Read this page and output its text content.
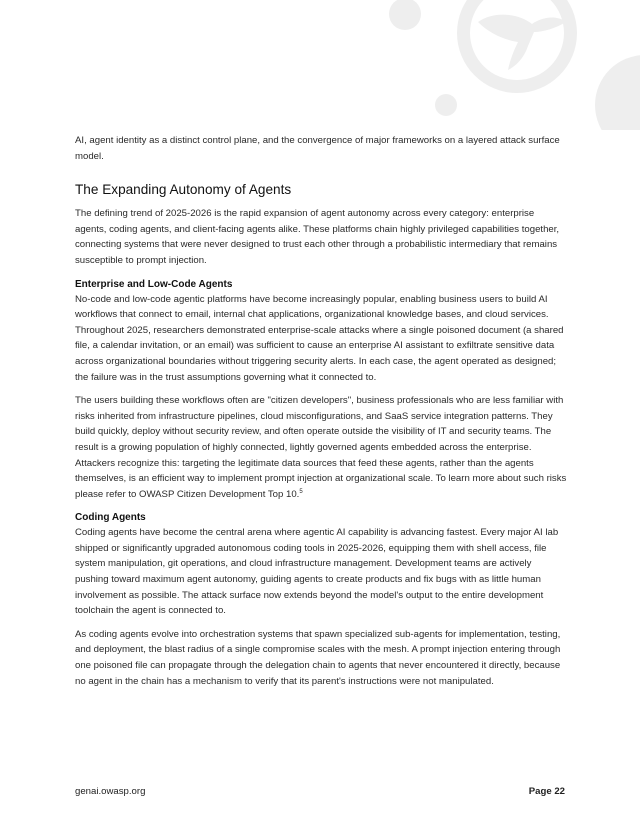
AI, agent identity as a distinct control plane, and the convergence of major frameworks on a layered attack surface model.

The Expanding Autonomy of Agents

The defining trend of 2025-2026 is the rapid expansion of agent autonomy across every category: enterprise agents, coding agents, and client-facing agents alike. These platforms chain highly privileged capabilities together, connecting systems that were never designed to trust each other through a probabilistic intermediary that remains susceptible to prompt injection.

Enterprise and Low-Code Agents

No-code and low-code agentic platforms have become increasingly popular, enabling business users to build AI workflows that connect to email, internal chat applications, organizational knowledge bases, and cloud services. Throughout 2025, researchers demonstrated enterprise-scale attacks where a single poisoned document (a shared file, a calendar invitation, or an email) was sufficient to cause an enterprise AI assistant to exfiltrate sensitive data across organizational boundaries without triggering security alerts. In each case, the agent operated as designed; the failure was in the trust assumptions governing what it connected to.

The users building these workflows often are "citizen developers", business professionals who are less familiar with risks inherited from infrastructure pipelines, cloud misconfigurations, and SaaS service integration patterns. They build quickly, deploy without security review, and often operate outside the visibility of IT and security teams. The result is a growing population of highly connected, lightly governed agents embedded across the enterprise. Attackers recognize this: targeting the legitimate data sources that feed these agents, rather than the agents themselves, is an efficient way to implement prompt injection at organizational scale. To learn more about such risks please refer to OWASP Citizen Development Top 10.$^5$

Coding Agents

Coding agents have become the central arena where agentic AI capability is advancing fastest. Every major AI lab shipped or significantly upgraded autonomous coding tools in 2025-2026, equipping them with shell access, file system manipulation, git operations, and cloud infrastructure management. Development teams are actively pushing toward maximum agent autonomy, guiding agents to create products and fix bugs with as little human involvement as possible. The attack surface now extends beyond the model's output to the entire development toolchain the agent is connected to.

As coding agents evolve into orchestration systems that spawn specialized sub-agents for implementation, testing, and deployment, the blast radius of a single compromise scales with the mesh. A prompt injection entering through one poisoned file can propagate through the delegation chain to agents that never encountered it directly, because no agent in the chain has a mechanism to verify that its parent's instructions were not manipulated.

genai.owasp.org	Page 22
